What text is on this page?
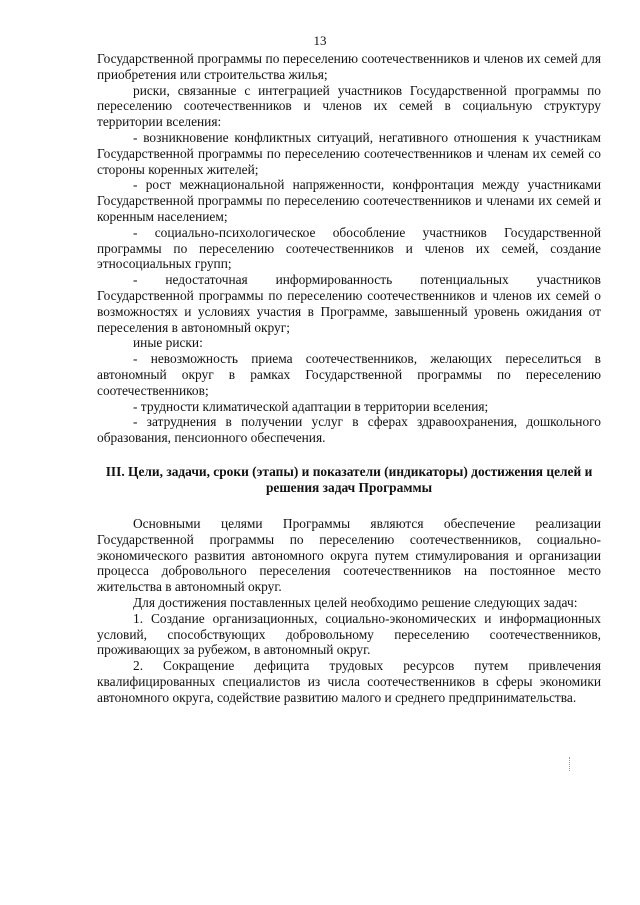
13

Государственной программы по переселению соотечественников и членов их семей для приобретения или строительства жилья;

риски, связанные с интеграцией участников Государственной программы по переселению соотечественников и членов их семей в социальную структуру территории вселения:

- возникновение конфликтных ситуаций, негативного отношения к участникам Государственной программы по переселению соотечественников и членам их семей со стороны коренных жителей;

- рост межнациональной напряженности, конфронтация между участниками Государственной программы по переселению соотечественников и членами их семей и коренным населением;

- социально-психологическое обособление участников Государственной программы по переселению соотечественников и членов их семей, создание этносоциальных групп;

- недостаточная информированность потенциальных участников Государственной программы по переселению соотечественников и членов их семей о возможностях и условиях участия в Программе, завышенный уровень ожидания от переселения в автономный округ;

иные риски:

- невозможность приема соотечественников, желающих переселиться в автономный округ в рамках Государственной программы по переселению соотечественников;

- трудности климатической адаптации в территории вселения;

- затруднения в получении услуг в сферах здравоохранения, дошкольного образования, пенсионного обеспечения.

III. Цели, задачи, сроки (этапы) и показатели (индикаторы) достижения целей и решения задач Программы

Основными целями Программы являются обеспечение реализации Государственной программы по переселению соотечественников, социально-экономического развития автономного округа путем стимулирования и организации процесса добровольного переселения соотечественников на постоянное место жительства в автономный округ.

Для достижения поставленных целей необходимо решение следующих задач:

1. Создание организационных, социально-экономических и информационных условий, способствующих добровольному переселению соотечественников, проживающих за рубежом, в автономный округ.

2. Сокращение дефицита трудовых ресурсов путем привлечения квалифицированных специалистов из числа соотечественников в сферы экономики автономного округа, содействие развитию малого и среднего предпринимательства.
